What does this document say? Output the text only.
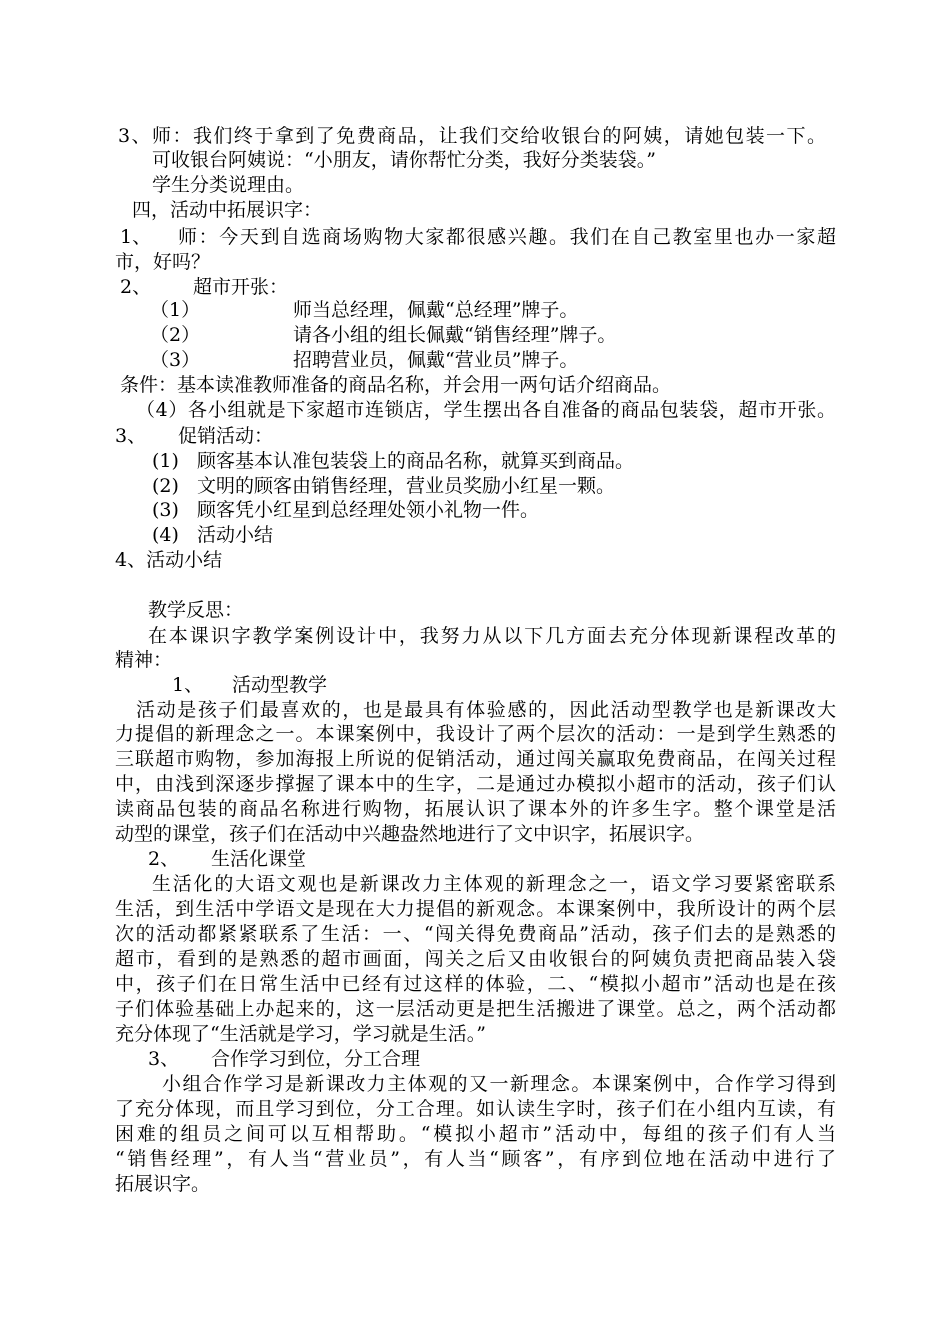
3、师：我们终于拿到了免费商品，让我们交给收银台的阿姨，请她包装一下。
可收银台阿姨说：“小朋友，请你帮忙分类，我好分类装袋。”
学生分类说理由。
四，活动中拓展识字：
1、 师：今天到自选商场购物大家都很感兴趣。我们在自己教室里也办一家超
市，好吗？
2、 超市开张：
（1）	师当总经理，佩戴“总经理”牌子。
（2）	请各小组的组长佩戴“销售经理”牌子。
（3）	招聘营业员，佩戴“营业员”牌子。
条件：基本读准教师准备的商品名称，并会用一两句话介绍商品。
（4）各小组就是下家超市连锁店，学生摆出各自准备的商品包装袋，超市开张。
3、 促销活动：
(1) 顾客基本认准包装袋上的商品名称，就算买到商品。
(2) 文明的顾客由销售经理，营业员奖励小红星一颗。
(3) 顾客凭小红星到总经理处领小礼物一件。
(4) 活动小结
4、活动小结
教学反思：
在本课识字教学案例设计中，我努力从以下几方面去充分体现新课程改革的
精神：
1、 活动型教学
活动是孩子们最喜欢的，也是最具有体验感的，因此活动型教学也是新课改大
力提倡的新理念之一。本课案例中，我设计了两个层次的活动：一是到学生熟悉的
三联超市购物，参加海报上所说的促销活动，通过闯关赢取免费商品，在闯关过程
中，由浅到深逐步撑握了课本中的生字，二是通过办模拟小超市的活动，孩子们认
读商品包装的商品名称进行购物，拓展认识了课本外的许多生字。整个课堂是活
动型的课堂，孩子们在活动中兴趣盎然地进行了文中识字，拓展识字。
2、 生活化课堂
生活化的大语文观也是新课改力主体观的新理念之一，语文学习要紧密联系
生活，到生活中学语文是现在大力提倡的新观念。本课案例中，我所设计的两个层
次的活动都紧紧联系了生活：一、“闯关得免费商品”活动，孩子们去的是熟悉的
超市，看到的是熟悉的超市画面，闯关之后又由收银台的阿姨负责把商品装入袋
中，孩子们在日常生活中已经有过这样的体验，二、“模拟小超市”活动也是在孩
子们体验基础上办起来的，这一层活动更是把生活搬进了课堂。总之，两个活动都
充分体现了“生活就是学习，学习就是生活。”
3、 合作学习到位，分工合理
小组合作学习是新课改力主体观的又一新理念。本课案例中，合作学习得到
了充分体现，而且学习到位，分工合理。如认读生字时，孩子们在小组内互读，有
困难的组员之间可以互相帮助。“模拟小超市”活动中，每组的孩子们有人当
“销售经理”，有人当“营业员”，有人当“顾客”，有序到位地在活动中进行了
拓展识字。
